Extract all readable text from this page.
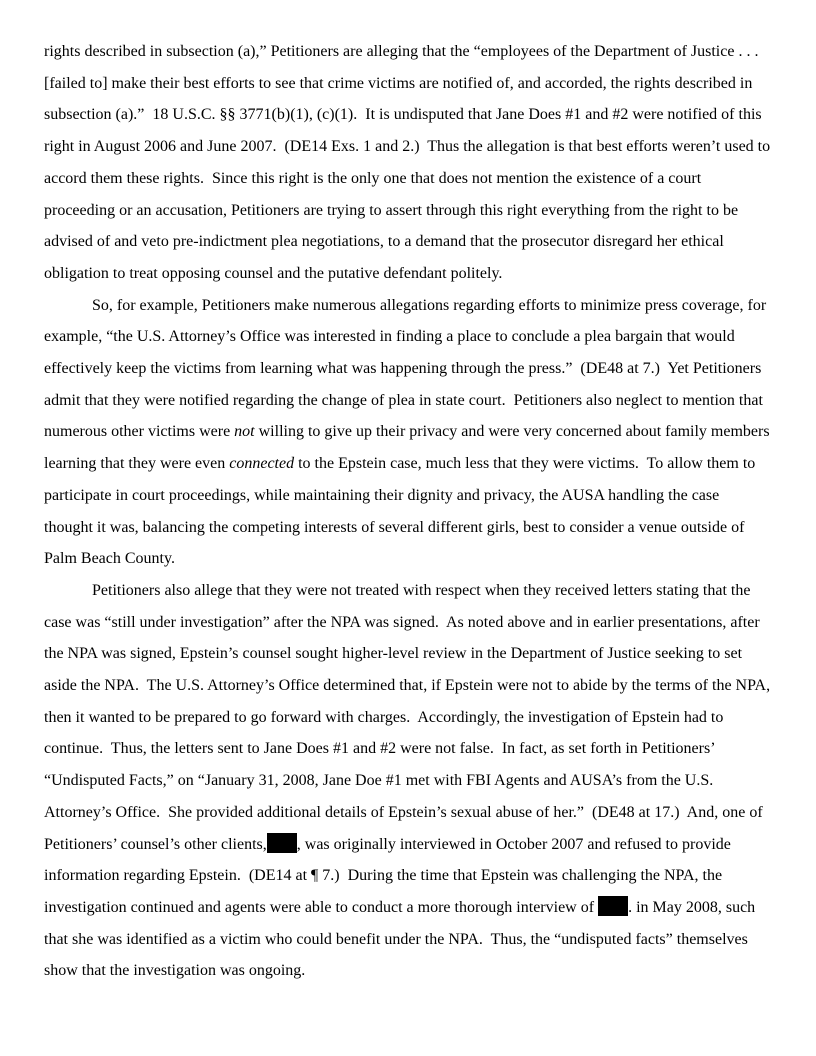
rights described in subsection (a),” Petitioners are alleging that the “employees of the Department of Justice . . . [failed to] make their best efforts to see that crime victims are notified of, and accorded, the rights described in subsection (a).”  18 U.S.C. §§ 3771(b)(1), (c)(1).  It is undisputed that Jane Does #1 and #2 were notified of this right in August 2006 and June 2007.  (DE14 Exs. 1 and 2.)  Thus the allegation is that best efforts weren’t used to accord them these rights.  Since this right is the only one that does not mention the existence of a court proceeding or an accusation, Petitioners are trying to assert through this right everything from the right to be advised of and veto pre-indictment plea negotiations, to a demand that the prosecutor disregard her ethical obligation to treat opposing counsel and the putative defendant politely.

So, for example, Petitioners make numerous allegations regarding efforts to minimize press coverage, for example, “the U.S. Attorney’s Office was interested in finding a place to conclude a plea bargain that would effectively keep the victims from learning what was happening through the press.”  (DE48 at 7.)  Yet Petitioners admit that they were notified regarding the change of plea in state court.  Petitioners also neglect to mention that numerous other victims were not willing to give up their privacy and were very concerned about family members learning that they were even connected to the Epstein case, much less that they were victims.  To allow them to participate in court proceedings, while maintaining their dignity and privacy, the AUSA handling the case thought it was, balancing the competing interests of several different girls, best to consider a venue outside of Palm Beach County.

Petitioners also allege that they were not treated with respect when they received letters stating that the case was “still under investigation” after the NPA was signed.  As noted above and in earlier presentations, after the NPA was signed, Epstein’s counsel sought higher-level review in the Department of Justice seeking to set aside the NPA.  The U.S. Attorney’s Office determined that, if Epstein were not to abide by the terms of the NPA, then it wanted to be prepared to go forward with charges.  Accordingly, the investigation of Epstein had to continue.  Thus, the letters sent to Jane Does #1 and #2 were not false.  In fact, as set forth in Petitioners’ “Undisputed Facts,” on “January 31, 2008, Jane Doe #1 met with FBI Agents and AUSA’s from the U.S. Attorney’s Office.  She provided additional details of Epstein’s sexual abuse of her.”  (DE48 at 17.)  And, one of Petitioners’ counsel’s other clients, , was originally interviewed in October 2007 and refused to provide information regarding Epstein.  (DE14 at ¶ 7.)  During the time that Epstein was challenging the NPA, the investigation continued and agents were able to conduct a more thorough interview of . in May 2008, such that she was identified as a victim who could benefit under the NPA.  Thus, the “undisputed facts” themselves show that the investigation was ongoing.
